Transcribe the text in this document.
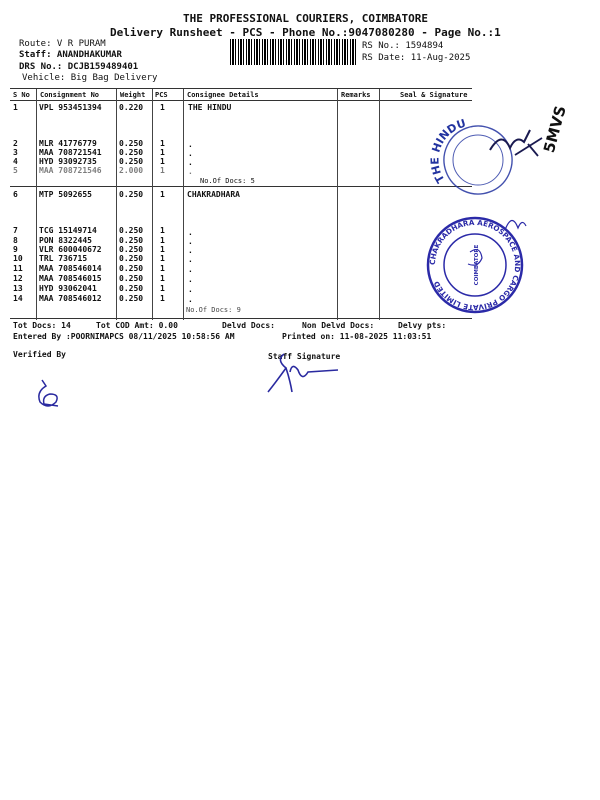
THE PROFESSIONAL COURIERS, COIMBATORE
Delivery Runsheet - PCS - Phone No.:9047080280 - Page No.:1
Route: V R PURAM
Staff: ANANDHAKUMAR
DRS No.: DCJB159489401
Vehicle: Big Bag Delivery
RS No.: 1594894
RS Date: 11-Aug-2025
S No Consignment No	Weight PCS	Consignee Details	Remarks	Seal & Signature
1	VPL 953451394 0.220 1	THE HINDU
2	MLR 41776779	0.250 1	.
3	MAA 708721541 0.250 1	.
4	HYD 93092735	0.250 1	.
5	MAA 708721546 2.000 1	.
No.Of Docs: 5
6	MTP 5092655	0.250 1	CHAKRADHARA
7	TCG 15149714	0.250 1	.
8	PON 8322445	0.250 1	.
9	VLR 600040672 0.250 1	.
10 TRL 736715	0.250 1	.
11 MAA 708546014 0.250 1	.
12 MAA 708546015 0.250 1	.
13 HYD 93062041	0.250 1	.
14 MAA 708546012 0.250 1	.
No.Of Docs: 9
Tot Docs: 14	Tot COD Amt: 0.00	Delvd Docs:	Non Delvd Docs:	Delvy pts:
Entered By :POORNIMAPCS 08/11/2025 10:58:56 AM	Printed on: 11-08-2025 11:03:51
Verified By	Staff Signature
THE HINDU	5MVS
CHAKRADHARA AEROSPACE AND CARGO PRIVATE LIMITED	COIMBATORE
